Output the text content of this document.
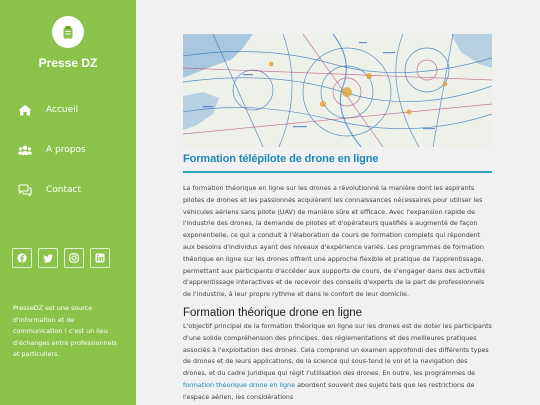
Presse DZ
Accueil
A propos
Contact

PresseDZ est une source d'information et de communication ! c'est un lieu d'échanges entre professionnels et particuliers.

Formation télépilote de drone en ligne

La formation théorique en ligne sur les drones a révolutionné la manière dont les aspirants pilotes de drones et les passionnés acquièrent les connaissances nécessaires pour utiliser les véhicules aériens sans pilote (UAV) de manière sûre et efficace. Avec l'expansion rapide de l'industrie des drones, la demande de pilotes et d'opérateurs qualifiés a augmenté de façon exponentielle, ce qui a conduit à l'élaboration de cours de formation complets qui répondent aux besoins d'individus ayant des niveaux d'expérience variés. Les programmes de formation théorique en ligne sur les drones offrent une approche flexible et pratique de l'apprentissage, permettant aux participants d'accéder aux supports de cours, de s'engager dans des activités d'apprentissage interactives et de recevoir des conseils d'experts de la part de professionnels de l'industrie, à leur propre rythme et dans le confort de leur domicile.

Formation théorique drone en ligne

L'objectif principal de la formation théorique en ligne sur les drones est de doter les participants d'une solide compréhension des principes, des réglementations et des meilleures pratiques associés à l'exploitation des drones. Cela comprend un examen approfondi des différents types de drones et de leurs applications, de la science qui sous-tend le vol et la navigation des drones, et du cadre juridique qui régit l'utilisation des drones. En outre, les programmes de formation théorique drone en ligne abordent souvent des sujets tels que les restrictions de l'espace aérien, les considérations
